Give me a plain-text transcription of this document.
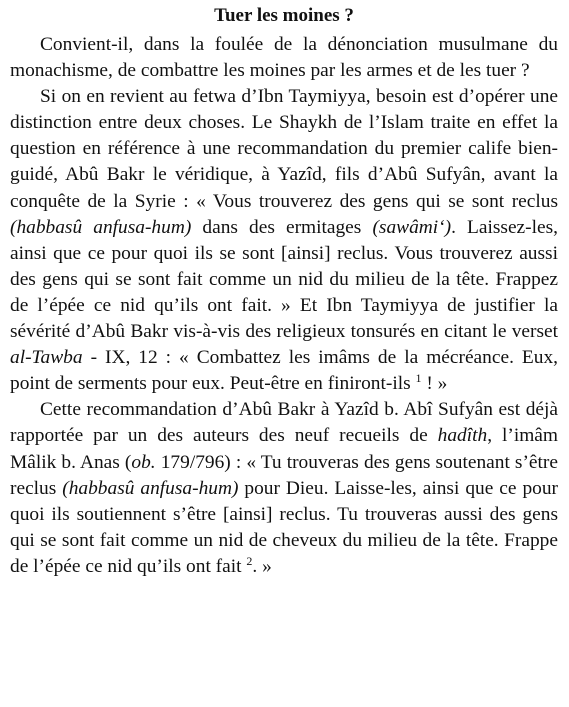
Tuer les moines ?

Convient-il, dans la foulée de la dénonciation musulmane du monachisme, de combattre les moines par les armes et de les tuer ?

Si on en revient au fetwa d’Ibn Taymiyya, besoin est d’opérer une distinction entre deux choses. Le Shaykh de l’Islam traite en effet la question en référence à une recommandation du premier calife bien-guidé, Abû Bakr le véridique, à Yazîd, fils d’Abû Sufyân, avant la conquête de la Syrie : « Vous trouverez des gens qui se sont reclus (habbasû anfusa-hum) dans des ermitages (sawâmi‘). Laissez-les, ainsi que ce pour quoi ils se sont [ainsi] reclus. Vous trouverez aussi des gens qui se sont fait comme un nid du milieu de la tête. Frappez de l’épée ce nid qu’ils ont fait. » Et Ibn Taymiyya de justifier la sévérité d’Abû Bakr vis-à-vis des religieux tonsurés en citant le verset al-Tawba - IX, 12 : « Combattez les imâms de la mécréance. Eux, point de serments pour eux. Peut-être en finiront-ils $^1$ ! »

Cette recommandation d’Abû Bakr à Yazîd b. Abî Sufyân est déjà rapportée par un des auteurs des neuf recueils de hadîth, l’imâm Mâlik b. Anas (ob. 179/796) : « Tu trouveras des gens soutenant s’être reclus (habbasû anfusa-hum) pour Dieu. Laisse-les, ainsi que ce pour quoi ils soutiennent s’être [ainsi] reclus. Tu trouveras aussi des gens qui se sont fait comme un nid de cheveux du milieu de la tête. Frappe de l’épée ce nid qu’ils ont fait $^2$. »
